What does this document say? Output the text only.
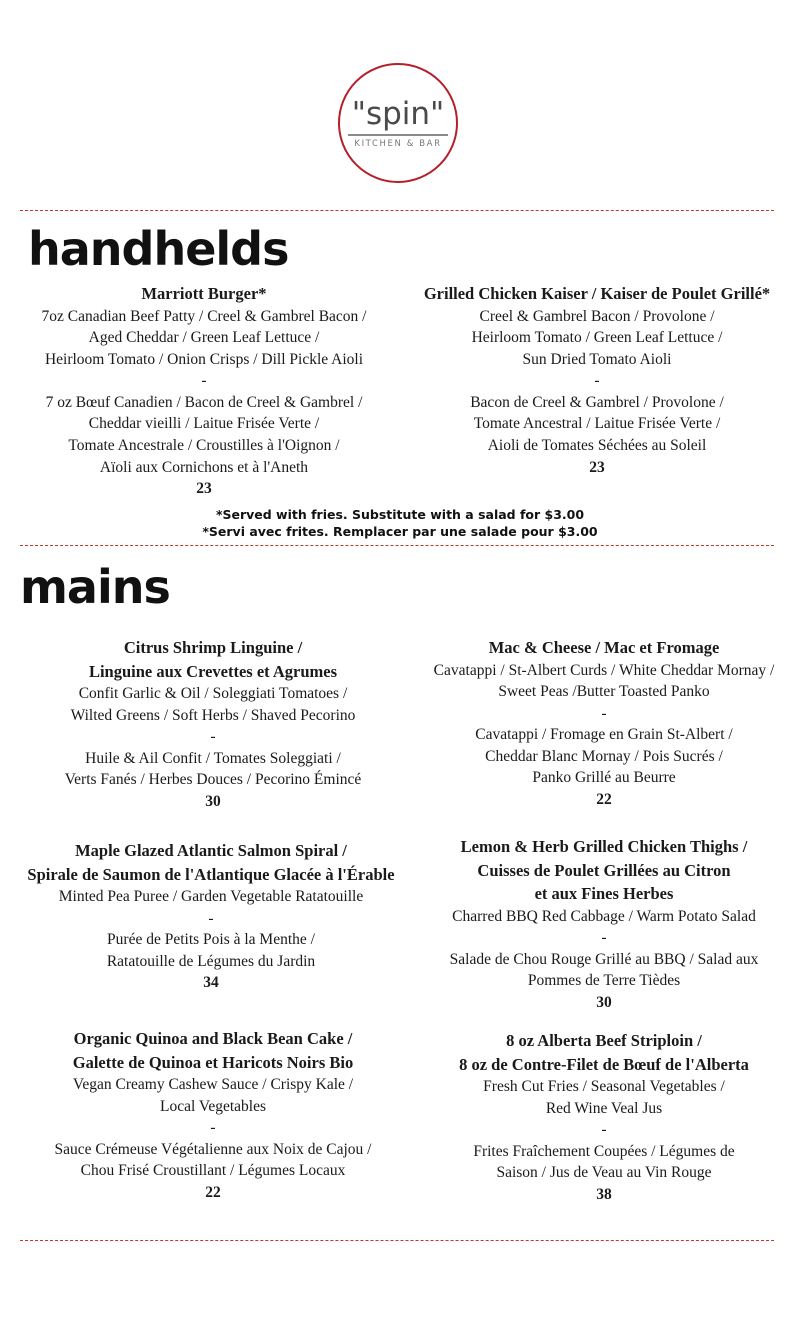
"spin"
KITCHEN & BAR
handhelds
Marriott Burger*
7oz Canadian Beef Patty / Creel & Gambrel Bacon /
Aged Cheddar / Green Leaf Lettuce /
Heirloom Tomato / Onion Crisps / Dill Pickle Aioli
-
7 oz Bœuf Canadien / Bacon de Creel & Gambrel /
Cheddar vieilli / Laitue Frisée Verte /
Tomate Ancestrale / Croustilles à l'Oignon /
Aïoli aux Cornichons et à l'Aneth
23
Grilled Chicken Kaiser / Kaiser de Poulet Grillé*
Creel & Gambrel Bacon / Provolone /
Heirloom Tomato / Green Leaf Lettuce /
Sun Dried Tomato Aioli
-
Bacon de Creel & Gambrel / Provolone /
Tomate Ancestral / Laitue Frisée Verte /
Aioli de Tomates Séchées au Soleil
23
*Served with fries. Substitute with a salad for $3.00
*Servi avec frites. Remplacer par une salade pour $3.00
mains
Citrus Shrimp Linguine /
Linguine aux Crevettes et Agrumes
Confit Garlic & Oil / Soleggiati Tomatoes /
Wilted Greens / Soft Herbs / Shaved Pecorino
-
Huile & Ail Confit / Tomates Soleggiati /
Verts Fanés / Herbes Douces / Pecorino Émincé
30
Mac & Cheese / Mac et Fromage
Cavatappi / St-Albert Curds / White Cheddar Mornay /
Sweet Peas /Butter Toasted Panko
-
Cavatappi / Fromage en Grain St-Albert /
Cheddar Blanc Mornay / Pois Sucrés /
Panko Grillé au Beurre
22
Maple Glazed Atlantic Salmon Spiral /
Spirale de Saumon de l'Atlantique Glacée à l'Érable
Minted Pea Puree / Garden Vegetable Ratatouille
-
Purée de Petits Pois à la Menthe /
Ratatouille de Légumes du Jardin
34
Lemon & Herb Grilled Chicken Thighs /
Cuisses de Poulet Grillées au Citron
et aux Fines Herbes
Charred BBQ Red Cabbage / Warm Potato Salad
-
Salade de Chou Rouge Grillé au BBQ / Salad aux
Pommes de Terre Tièdes
30
Organic Quinoa and Black Bean Cake /
Galette de Quinoa et Haricots Noirs Bio
Vegan Creamy Cashew Sauce / Crispy Kale /
Local Vegetables
-
Sauce Crémeuse Végétalienne aux Noix de Cajou /
Chou Frisé Croustillant / Légumes Locaux
22
8 oz Alberta Beef Striploin /
8 oz de Contre-Filet de Bœuf de l'Alberta
Fresh Cut Fries / Seasonal Vegetables /
Red Wine Veal Jus
-
Frites Fraîchement Coupées / Légumes de
Saison / Jus de Veau au Vin Rouge
38
